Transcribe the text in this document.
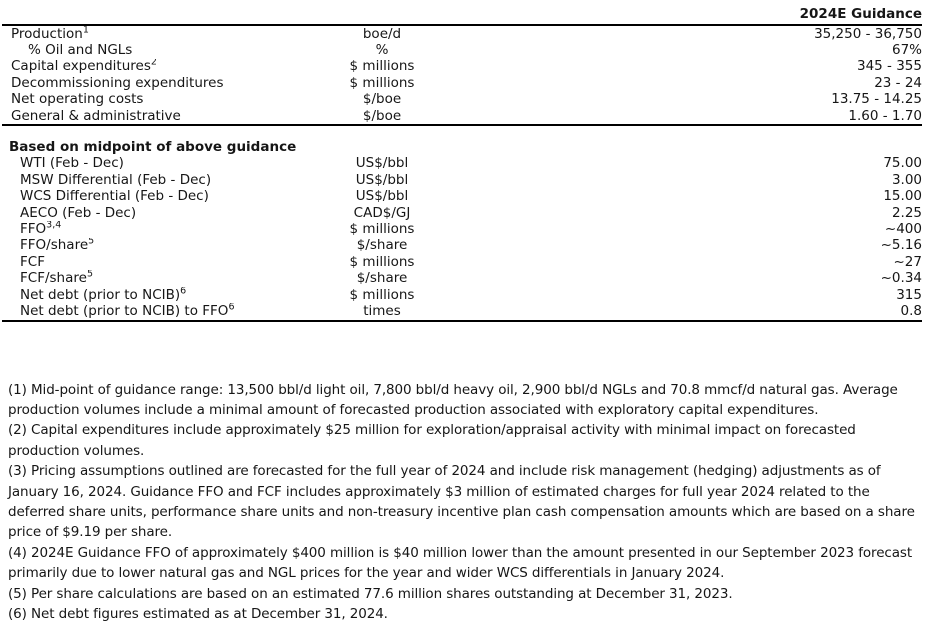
		2024E Guidance
Production$^1$	boe/d	35,250 - 36,750
% Oil and NGLs	%	67%
Capital expenditures$^2$	$ millions	345 - 355
Decommissioning expenditures	$ millions	23 - 24
Net operating costs	$/boe	13.75 - 14.25
General & administrative	$/boe	1.60 - 1.70

Based on midpoint of above guidance		
WTI (Feb - Dec)	US$/bbl	75.00
MSW Differential (Feb - Dec)	US$/bbl	3.00
WCS Differential (Feb - Dec)	US$/bbl	15.00
AECO (Feb - Dec)	CAD$/GJ	2.25
FFO$^{3,4}$	$ millions	~400
FFO/share$^5$	$/share	~5.16
FCF	$ millions	~27
FCF/share$^5$	$/share	~0.34
Net debt (prior to NCIB)$^6$	$ millions	315
Net debt (prior to NCIB) to FFO$^6$	times	0.8

(1) Mid-point of guidance range: 13,500 bbl/d light oil, 7,800 bbl/d heavy oil, 2,900 bbl/d NGLs and 70.8 mmcf/d natural gas. Average production volumes include a minimal amount of forecasted production associated with exploratory capital expenditures.

(2) Capital expenditures include approximately $25 million for exploration/appraisal activity with minimal impact on forecasted production volumes.

(3) Pricing assumptions outlined are forecasted for the full year of 2024 and include risk management (hedging) adjustments as of January 16, 2024. Guidance FFO and FCF includes approximately $3 million of estimated charges for full year 2024 related to the deferred share units, performance share units and non-treasury incentive plan cash compensation amounts which are based on a share price of $9.19 per share.

(4) 2024E Guidance FFO of approximately $400 million is $40 million lower than the amount presented in our September 2023 forecast primarily due to lower natural gas and NGL prices for the year and wider WCS differentials in January 2024.

(5) Per share calculations are based on an estimated 77.6 million shares outstanding at December 31, 2023.

(6) Net debt figures estimated as at December 31, 2024.
